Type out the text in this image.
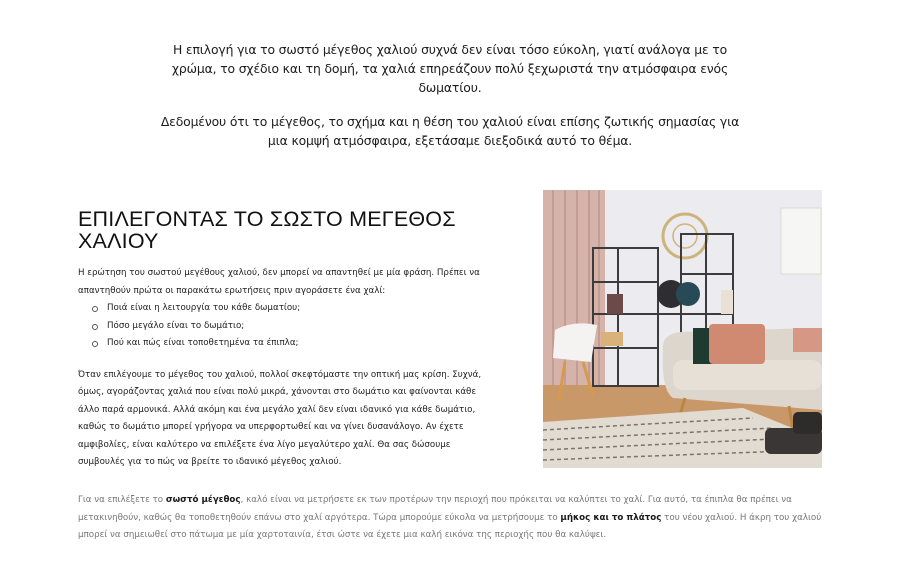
Η επιλογή για το σωστό μέγεθος χαλιού συχνά δεν είναι τόσο εύκολη, γιατί ανάλογα με το χρώμα, το σχέδιο και τη δομή, τα χαλιά επηρεάζουν πολύ ξεχωριστά την ατμόσφαιρα ενός δωματίου.

Δεδομένου ότι το μέγεθος, το σχήμα και η θέση του χαλιού είναι επίσης ζωτικής σημασίας για μια κομψή ατμόσφαιρα, εξετάσαμε διεξοδικά αυτό το θέμα.

ΕΠΙΛΕΓΟΝΤΑΣ ΤΟ ΣΩΣΤΟ ΜΕΓΕΘΟΣ ΧΑΛΙΟΥ

Η ερώτηση του σωστού μεγέθους χαλιού, δεν μπορεί να απαντηθεί με μία φράση. Πρέπει να απαντηθούν πρώτα οι παρακάτω ερωτήσεις πριν αγοράσετε ένα χαλί:

Ποιά είναι η λειτουργία του κάθε δωματίου;
Πόσο μεγάλο είναι το δωμάτιο;
Πού και πώς είναι τοποθετημένα τα έπιπλα;

Όταν επιλέγουμε το μέγεθος του χαλιού, πολλοί σκεφτόμαστε την οπτική μας κρίση. Συχνά, όμως, αγοράζοντας χαλιά που είναι πολύ μικρά, χάνονται στο δωμάτιο και φαίνονται κάθε άλλο παρά αρμονικά. Αλλά ακόμη και ένα μεγάλο χαλί δεν είναι ιδανικό για κάθε δωμάτιο, καθώς το δωμάτιο μπορεί γρήγορα να υπερφορτωθεί και να γίνει δυσανάλογο. Αν έχετε αμφιβολίες, είναι καλύτερο να επιλέξετε ένα λίγο μεγαλύτερο χαλί. Θα σας δώσουμε συμβουλές για το πώς να βρείτε το ιδανικό μέγεθος χαλιού.

Για να επιλέξετε το σωστό μέγεθος, καλό είναι να μετρήσετε εκ των προτέρων την περιοχή που πρόκειται να καλύπτει το χαλί. Για αυτό, τα έπιπλα θα πρέπει να μετακινηθούν, καθώς θα τοποθετηθούν επάνω στο χαλί αργότερα. Τώρα μπορούμε εύκολα να μετρήσουμε το μήκος και το πλάτος του νέου χαλιού. Η άκρη του χαλιού μπορεί να σημειωθεί στο πάτωμα με μία χαρτοταινία, έτσι ώστε να έχετε μια καλή εικόνα της περιοχής που θα καλύψει.
